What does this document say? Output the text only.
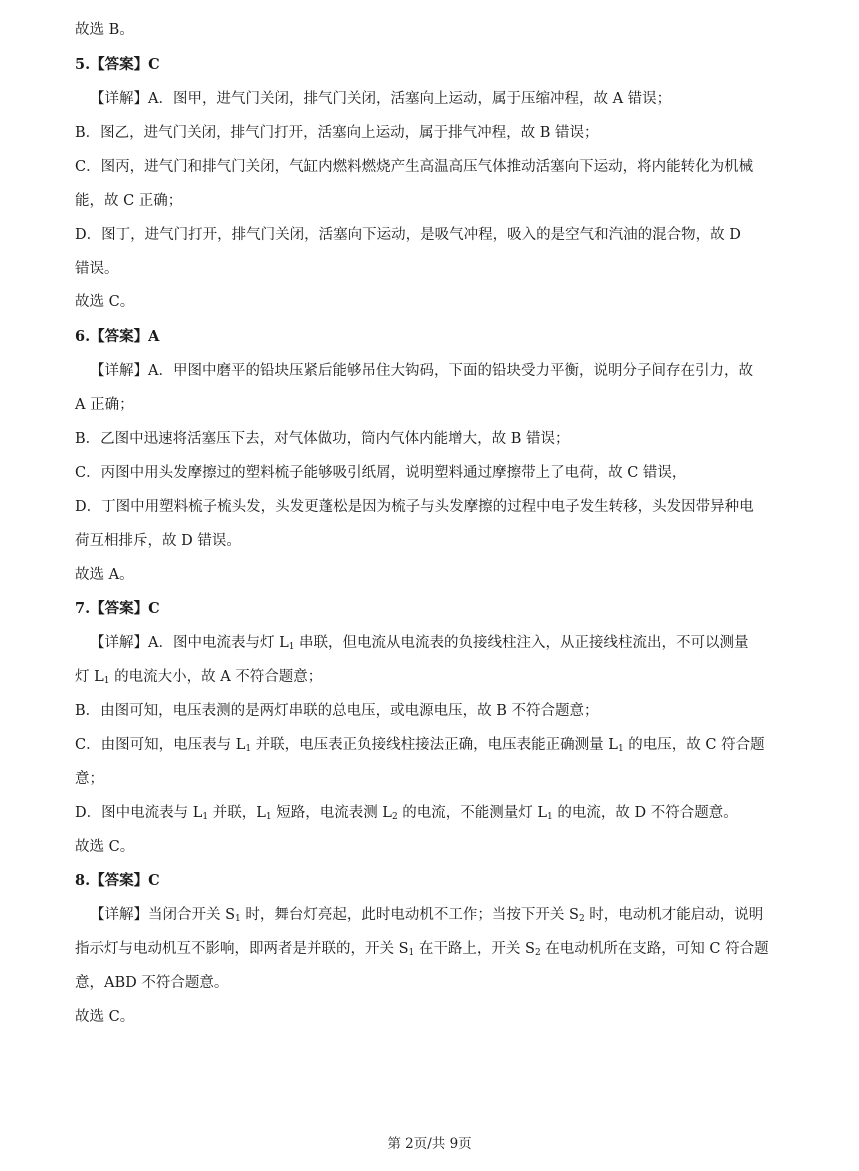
故选 B。
5.【答案】C
【详解】A．图甲，进气门关闭，排气门关闭，活塞向上运动，属于压缩冲程，故 A 错误；
B．图乙，进气门关闭，排气门打开，活塞向上运动，属于排气冲程，故 B 错误；
C．图丙，进气门和排气门关闭，气缸内燃料燃烧产生高温高压气体推动活塞向下运动，将内能转化为机械
能，故 C 正确；
D．图丁，进气门打开，排气门关闭，活塞向下运动，是吸气冲程，吸入的是空气和汽油的混合物，故 D
错误。
故选 C。
6.【答案】A
【详解】A．甲图中磨平的铅块压紧后能够吊住大钩码，下面的铅块受力平衡，说明分子间存在引力，故
A 正确；
B．乙图中迅速将活塞压下去，对气体做功，筒内气体内能增大，故 B 错误；
C．丙图中用头发摩擦过的塑料梳子能够吸引纸屑，说明塑料通过摩擦带上了电荷，故 C 错误，
D．丁图中用塑料梳子梳头发，头发更蓬松是因为梳子与头发摩擦的过程中电子发生转移，头发因带异种电
荷互相排斥，故 D 错误。
故选 A。
7.【答案】C
【详解】A．图中电流表与灯 $L_1$ 串联，但电流从电流表的负接线柱注入，从正接线柱流出，不可以测量
灯 $L_1$ 的电流大小，故 A 不符合题意；
B．由图可知，电压表测的是两灯串联的总电压，或电源电压，故 B 不符合题意；
C．由图可知，电压表与 $L_1$ 并联，电压表正负接线柱接法正确，电压表能正确测量 $L_1$ 的电压，故 C 符合题
意；
D．图中电流表与 $L_1$ 并联，$L_1$ 短路，电流表测 $L_2$ 的电流，不能测量灯 $L_1$ 的电流，故 D 不符合题意。
故选 C。
8.【答案】C
【详解】当闭合开关 $S_1$ 时，舞台灯亮起，此时电动机不工作；当按下开关 $S_2$ 时，电动机才能启动，说明
指示灯与电动机互不影响，即两者是并联的，开关 $S_1$ 在干路上，开关 $S_2$ 在电动机所在支路，可知 C 符合题
意，ABD 不符合题意。
故选 C。
第 2页/共 9页
